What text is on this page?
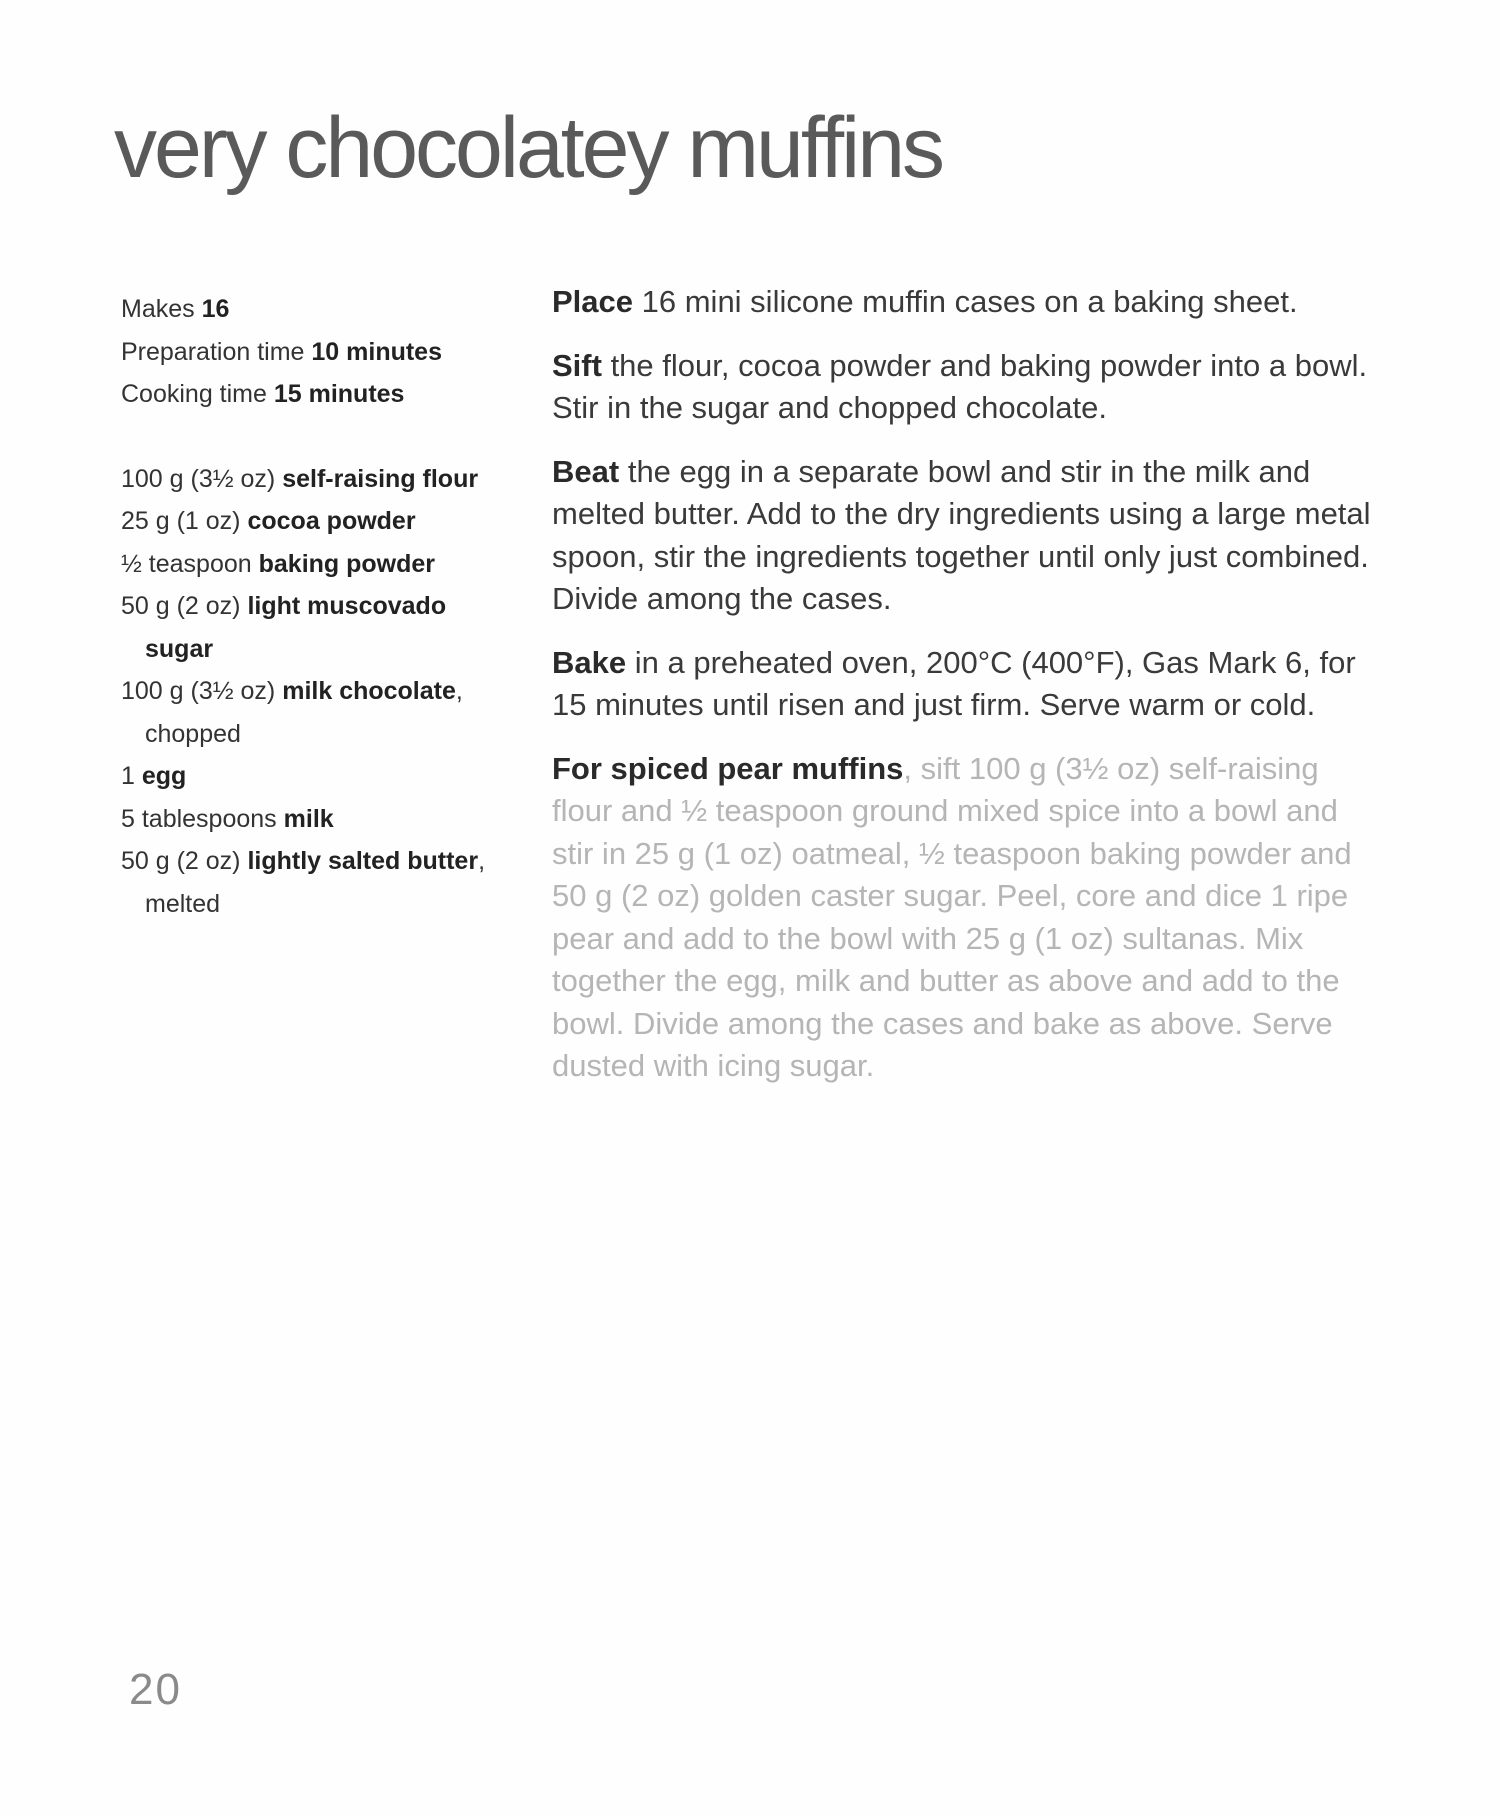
very chocolatey muffins

Makes 16

Preparation time 10 minutes

Cooking time 15 minutes

100 g (3½ oz) self-raising flour

25 g (1 oz) cocoa powder

½ teaspoon baking powder

50 g (2 oz) light muscovado sugar

100 g (3½ oz) milk chocolate, chopped

1 egg

5 tablespoons milk

50 g (2 oz) lightly salted butter, melted

Place 16 mini silicone muffin cases on a baking sheet.

Sift the flour, cocoa powder and baking powder into a bowl. Stir in the sugar and chopped chocolate.

Beat the egg in a separate bowl and stir in the milk and melted butter. Add to the dry ingredients using a large metal spoon, stir the ingredients together until only just combined. Divide among the cases.

Bake in a preheated oven, 200°C (400°F), Gas Mark 6, for 15 minutes until risen and just firm. Serve warm or cold.

For spiced pear muffins, sift 100 g (3½ oz) self-raising flour and ½ teaspoon ground mixed spice into a bowl and stir in 25 g (1 oz) oatmeal, ½ teaspoon baking powder and 50 g (2 oz) golden caster sugar. Peel, core and dice 1 ripe pear and add to the bowl with 25 g (1 oz) sultanas. Mix together the egg, milk and butter as above and add to the bowl. Divide among the cases and bake as above. Serve dusted with icing sugar.

20
